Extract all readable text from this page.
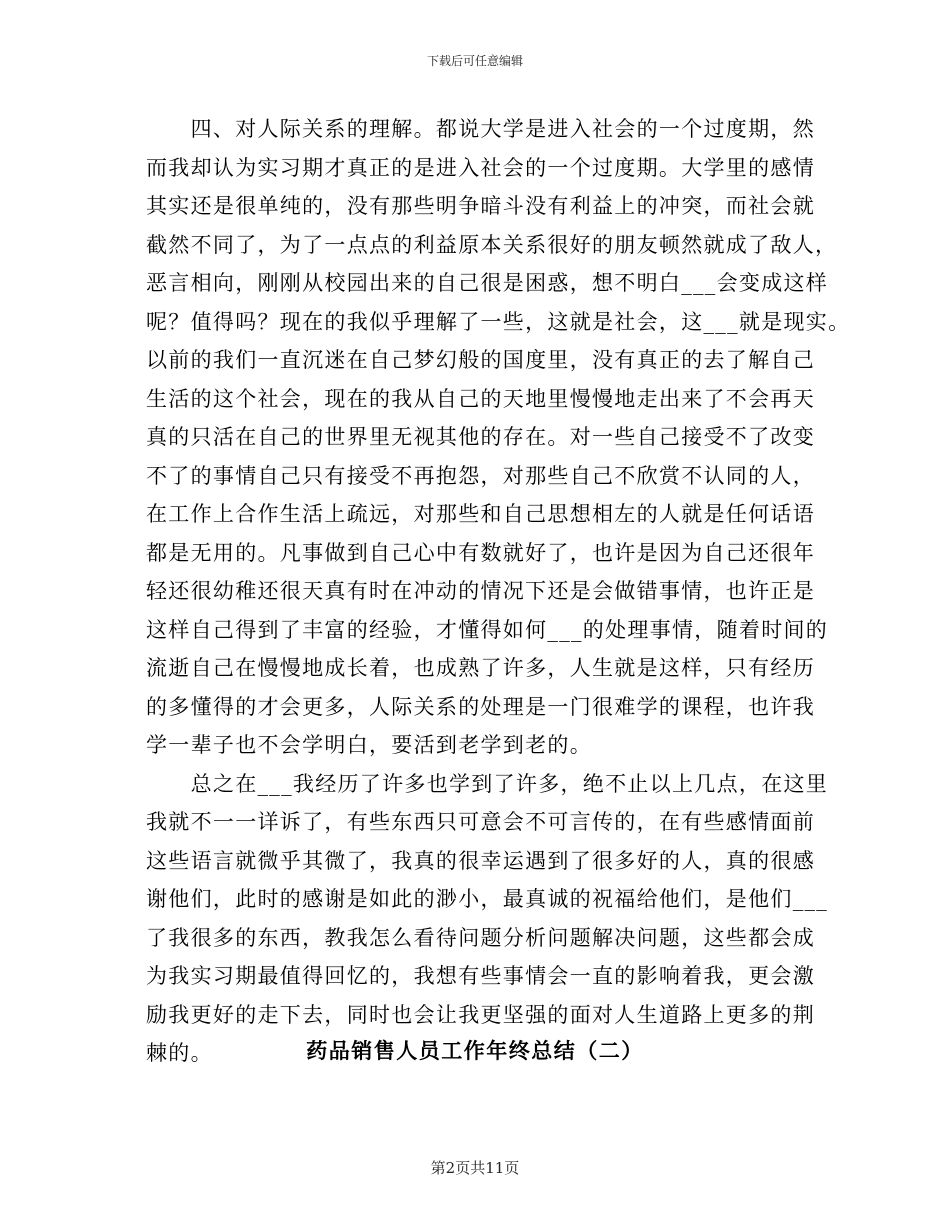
下载后可任意编辑
　　四、对人际关系的理解。都说大学是进入社会的一个过度期，然
而我却认为实习期才真正的是进入社会的一个过度期。大学里的感情
其实还是很单纯的，没有那些明争暗斗没有利益上的冲突，而社会就
截然不同了，为了一点点的利益原本关系很好的朋友顿然就成了敌人，
恶言相向，刚刚从校园出来的自己很是困惑，想不明白___会变成这样
呢？值得吗？现在的我似乎理解了一些，这就是社会，这___就是现实。
以前的我们一直沉迷在自己梦幻般的国度里，没有真正的去了解自己
生活的这个社会，现在的我从自己的天地里慢慢地走出来了不会再天
真的只活在自己的世界里无视其他的存在。对一些自己接受不了改变
不了的事情自己只有接受不再抱怨，对那些自己不欣赏不认同的人，
在工作上合作生活上疏远，对那些和自己思想相左的人就是任何话语
都是无用的。凡事做到自己心中有数就好了，也许是因为自己还很年
轻还很幼稚还很天真有时在冲动的情况下还是会做错事情，也许正是
这样自己得到了丰富的经验，才懂得如何___的处理事情，随着时间的
流逝自己在慢慢地成长着，也成熟了许多，人生就是这样，只有经历
的多懂得的才会更多，人际关系的处理是一门很难学的课程，也许我
学一辈子也不会学明白，要活到老学到老的。
　　总之在___我经历了许多也学到了许多，绝不止以上几点，在这里
我就不一一详诉了，有些东西只可意会不可言传的，在有些感情面前
这些语言就微乎其微了，我真的很幸运遇到了很多好的人，真的很感
谢他们，此时的感谢是如此的渺小，最真诚的祝福给他们，是他们___
了我很多的东西，教我怎么看待问题分析问题解决问题，这些都会成
为我实习期最值得回忆的，我想有些事情会一直的影响着我，更会激
励我更好的走下去，同时也会让我更坚强的面对人生道路上更多的荆
棘的。	药品销售人员工作年终总结（二）
第2页共11页
